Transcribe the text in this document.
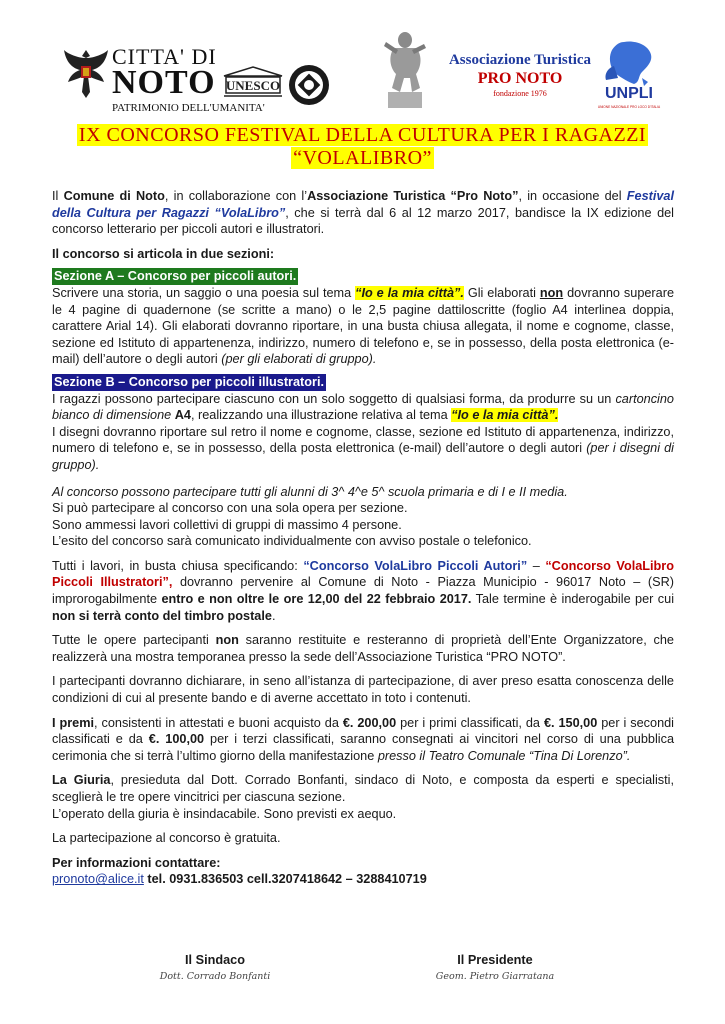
CITTA' DI
NOTO
PATRIMONIO DELL'UMANITA'
UNESCO
Associazione Turistica
PRO NOTO
fondazione 1976	UNPLI
UNIONE NAZIONALE PRO LOCO D'ITALIA
IX CONCORSO FESTIVAL DELLA CULTURA PER I RAGAZZI
“VOLALIBRO”

Il Comune di Noto, in collaborazione con l’Associazione Turistica “Pro Noto”, in occasione del Festival della Cultura per Ragazzi “VolaLibro”, che si terrà dal 6 al 12 marzo 2017, bandisce la IX edizione del concorso letterario per piccoli autori e illustratori.

Il concorso si articola in due sezioni:

Sezione A – Concorso per piccoli autori.

Scrivere una storia, un saggio o una poesia sul tema “Io e la mia città”. Gli elaborati non dovranno superare le 4 pagine di quadernone (se scritte a mano) o le 2,5 pagine dattiloscritte (foglio A4 interlinea doppia, carattere Arial 14). Gli elaborati dovranno riportare, in una busta chiusa allegata, il nome e cognome, classe, sezione ed Istituto di appartenenza, indirizzo, numero di telefono e, se in possesso, della posta elettronica (e-mail) dell’autore o degli autori (per gli elaborati di gruppo).

Sezione B – Concorso per piccoli illustratori.

I ragazzi possono partecipare ciascuno con un solo soggetto di qualsiasi forma, da produrre su un cartoncino bianco di dimensione A4, realizzando una illustrazione relativa al tema “Io e la mia città”.

I disegni dovranno riportare sul retro il nome e cognome, classe, sezione ed Istituto di appartenenza, indirizzo, numero di telefono e, se in possesso, della posta elettronica (e-mail) dell’autore o degli autori (per i disegni di gruppo).

Al concorso possono partecipare tutti gli alunni di 3^ 4^e 5^ scuola primaria e di I e II media.

Si può partecipare al concorso con una sola opera per sezione.

Sono ammessi lavori collettivi di gruppi di massimo 4 persone.

L’esito del concorso sarà comunicato individualmente con avviso postale o telefonico.

Tutti i lavori, in busta chiusa specificando: “Concorso VolaLibro Piccoli Autori” – “Concorso VolaLibro Piccoli Illustratori”, dovranno pervenire al Comune di Noto - Piazza Municipio - 96017 Noto – (SR) improrogabilmente entro e non oltre le ore 12,00 del 22 febbraio 2017. Tale termine è inderogabile per cui non si terrà conto del timbro postale.

Tutte le opere partecipanti non saranno restituite e resteranno di proprietà dell’Ente Organizzatore, che realizzerà una mostra temporanea presso la sede dell’Associazione Turistica “PRO NOTO”.

I partecipanti dovranno dichiarare, in seno all’istanza di partecipazione, di aver preso esatta conoscenza delle condizioni di cui al presente bando e di averne accettato in toto i contenuti.

I premi, consistenti in attestati e buoni acquisto da €. 200,00 per i primi classificati, da €. 150,00 per i secondi classificati e da €. 100,00 per i terzi classificati, saranno consegnati ai vincitori nel corso di una pubblica cerimonia che si terrà l’ultimo giorno della manifestazione presso il Teatro Comunale “Tina Di Lorenzo”.

La Giuria, presieduta dal Dott. Corrado Bonfanti, sindaco di Noto, e composta da esperti e specialisti, sceglierà le tre opere vincitrici per ciascuna sezione.

L’operato della giuria è insindacabile. Sono previsti ex aequo.

La partecipazione al concorso è gratuita.

Per informazioni contattare:

pronoto@alice.it tel. 0931.836503 cell.3207418642 – 3288410719

Il Sindaco
Dott. Corrado Bonfanti
Il Presidente
Geom. Pietro Giarratana
